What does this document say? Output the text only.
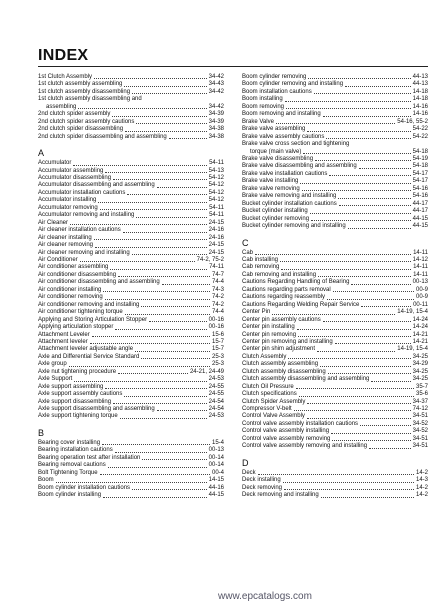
INDEX
1st Clutch Assembly	34-42
1st clutch assembly assembling	34-43
1st clutch assembly disassembling	34-42
1st clutch assembly disassembling and
assembling	34-42
2nd clutch spider assembly	34-39
2nd clutch spider assembly cautions	34-39
2nd clutch spider disassembling	34-38
2nd clutch spider disassembling and assembling	34-38
A
Accumulator	54-11
Accumulator assembling	54-13
Accumulator disassembling	54-12
Accumulator disassembling and assembling	54-12
Accumulator installation cautions	54-12
Accumulator installing	54-12
Accumulator removing	54-11
Accumulator removing and installing	54-11
Air Cleaner	24-15
Air cleaner installation cautions	24-16
Air cleaner installing	24-16
Air cleaner removing	24-15
Air cleaner removing and installing	24-15
Air Conditioner	74-2, 75-2
Air conditioner assembling	74-11
Air conditioner disassembling	74-7
Air conditioner disassembling and assembling	74-4
Air conditioner installing	74-3
Air conditioner removing	74-2
Air conditioner removing and installing	74-2
Air conditioner tightening torque	74-4
Applying and Storing Articulation Stopper	00-16
Applying articulation stopper	00-16
Attachment Leveler	15-6
Attachment leveler	15-7
Attachment leveler adjustable angle	15-7
Axle and Differential Service Standard	25-3
Axle group	25-3
Axle nut tightening procedure	24-21, 24-49
Axle Support	24-53
Axle support assembling	24-55
Axle support assembly cautions	24-55
Axle support disassembling	24-54
Axle support disassembling and assembling	24-54
Axle support tightening torque	24-53
B
Bearing cover installing	15-4
Bearing installation cautions	00-13
Bearing operation test after installation	00-14
Bearing removal cautions	00-14
Bolt Tightening Torque	00-4
Boom	14-15
Boom cylinder installation cautions	44-16
Boom cylinder installing	44-15
Boom cylinder removing	44-13
Boom cylinder removing and installing	44-13
Boom installation cautions	14-18
Boom installing	14-18
Boom removing	14-16
Boom removing and installing	14-16
Brake Valve	54-16, 55-2
Brake valve assembling	54-22
Brake valve assembly cautions	54-22
Brake valve cross section and tightening
torque (main valve)	54-18
Brake valve disassembling	54-19
Brake valve disassembling and assembling	54-18
Brake valve installation cautions	54-17
Brake valve installing	54-17
Brake valve removing	54-16
Brake valve removing and installing	54-16
Bucket cylinder installation cautions	44-17
Bucket cylinder installing	44-17
Bucket cylinder removing	44-15
Bucket cylinder removing and installing	44-15
C
Cab	14-11
Cab installing	14-12
Cab removing	14-11
Cab removing and installing	14-11
Cautions Regarding Handling of Bearing	00-13
Cautions regarding parts removal	00-9
Cautions regarding reassembly	00-9
Cautions Regarding Welding Repair Service	00-11
Center Pin	14-19, 15-4
Center pin assembly cautions	14-24
Center pin installing	14-24
Center pin removing	14-21
Center pin removing and installing	14-21
Center pin shim adjustment	14-19, 15-4
Clutch Assembly	34-25
Clutch assembly assembling	34-29
Clutch assembly disassembling	34-25
Clutch assembly disassembling and assembling	34-25
Clutch Oil Pressure	35-7
Clutch specifications	35-6
Clutch Spider Assembly	34-37
Compressor V-belt	74-12
Control Valve Assembly	34-51
Control valve assembly installation cautions	34-52
Control valve assembly installing	34-52
Control valve assembly removing	34-51
Control valve assembly removing and installing	34-51
D
Deck	14-2
Deck installing	14-3
Deck removing	14-2
Deck removing and installing	14-2
www.epcatalogs.com
